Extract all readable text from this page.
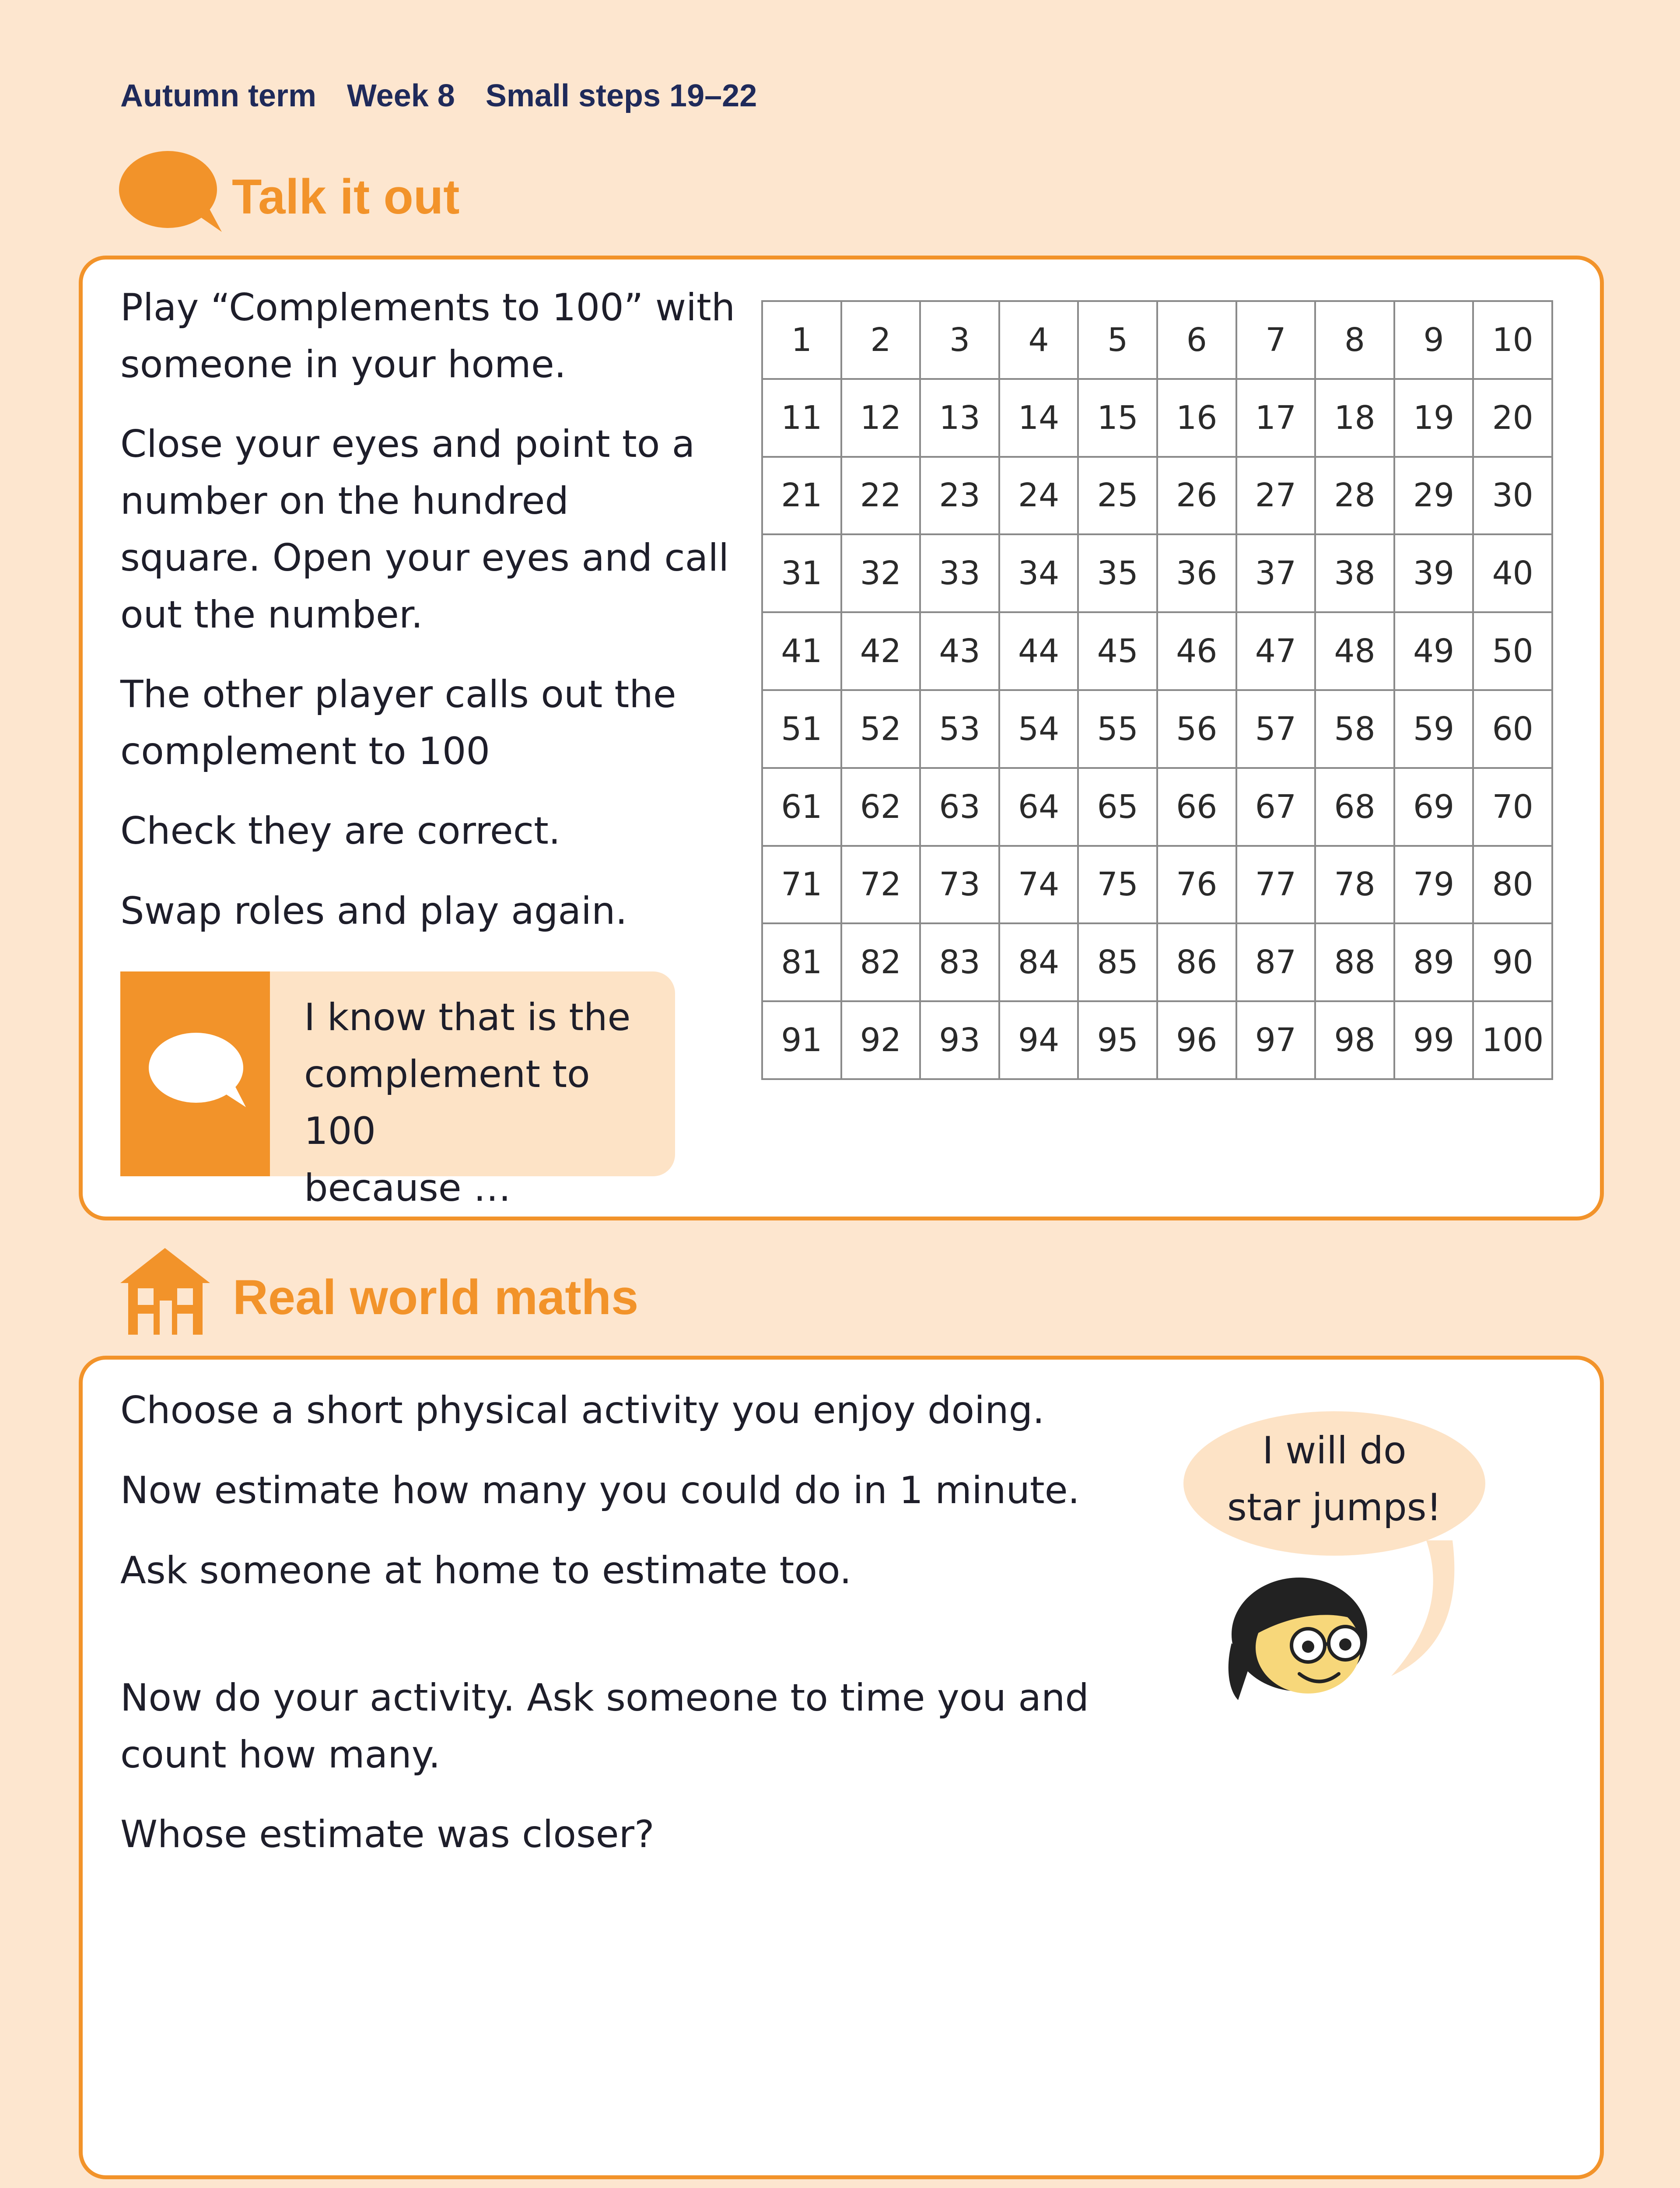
Autumn term Week 8 Small steps 19–22
Talk it out
Play “Complements to 100” with
someone in your home.
Close your eyes and point to a
number on the hundred
square. Open your eyes and call
out the number.
The other player calls out the
complement to 100
Check they are correct.
Swap roles and play again.
I know that is the
complement to 100
because …
1	2	3	4	5	6	7	8	9	10
11	12	13	14	15	16	17	18	19	20
21	22	23	24	25	26	27	28	29	30
31	32	33	34	35	36	37	38	39	40
41	42	43	44	45	46	47	48	49	50
51	52	53	54	55	56	57	58	59	60
61	62	63	64	65	66	67	68	69	70
71	72	73	74	75	76	77	78	79	80
81	82	83	84	85	86	87	88	89	90
91	92	93	94	95	96	97	98	99	100
Real world maths
Choose a short physical activity you enjoy doing.
Now estimate how many you could do in 1 minute.
Ask someone at home to estimate too.
Now do your activity. Ask someone to time you and
count how many.
Whose estimate was closer?
I will do
star jumps!
